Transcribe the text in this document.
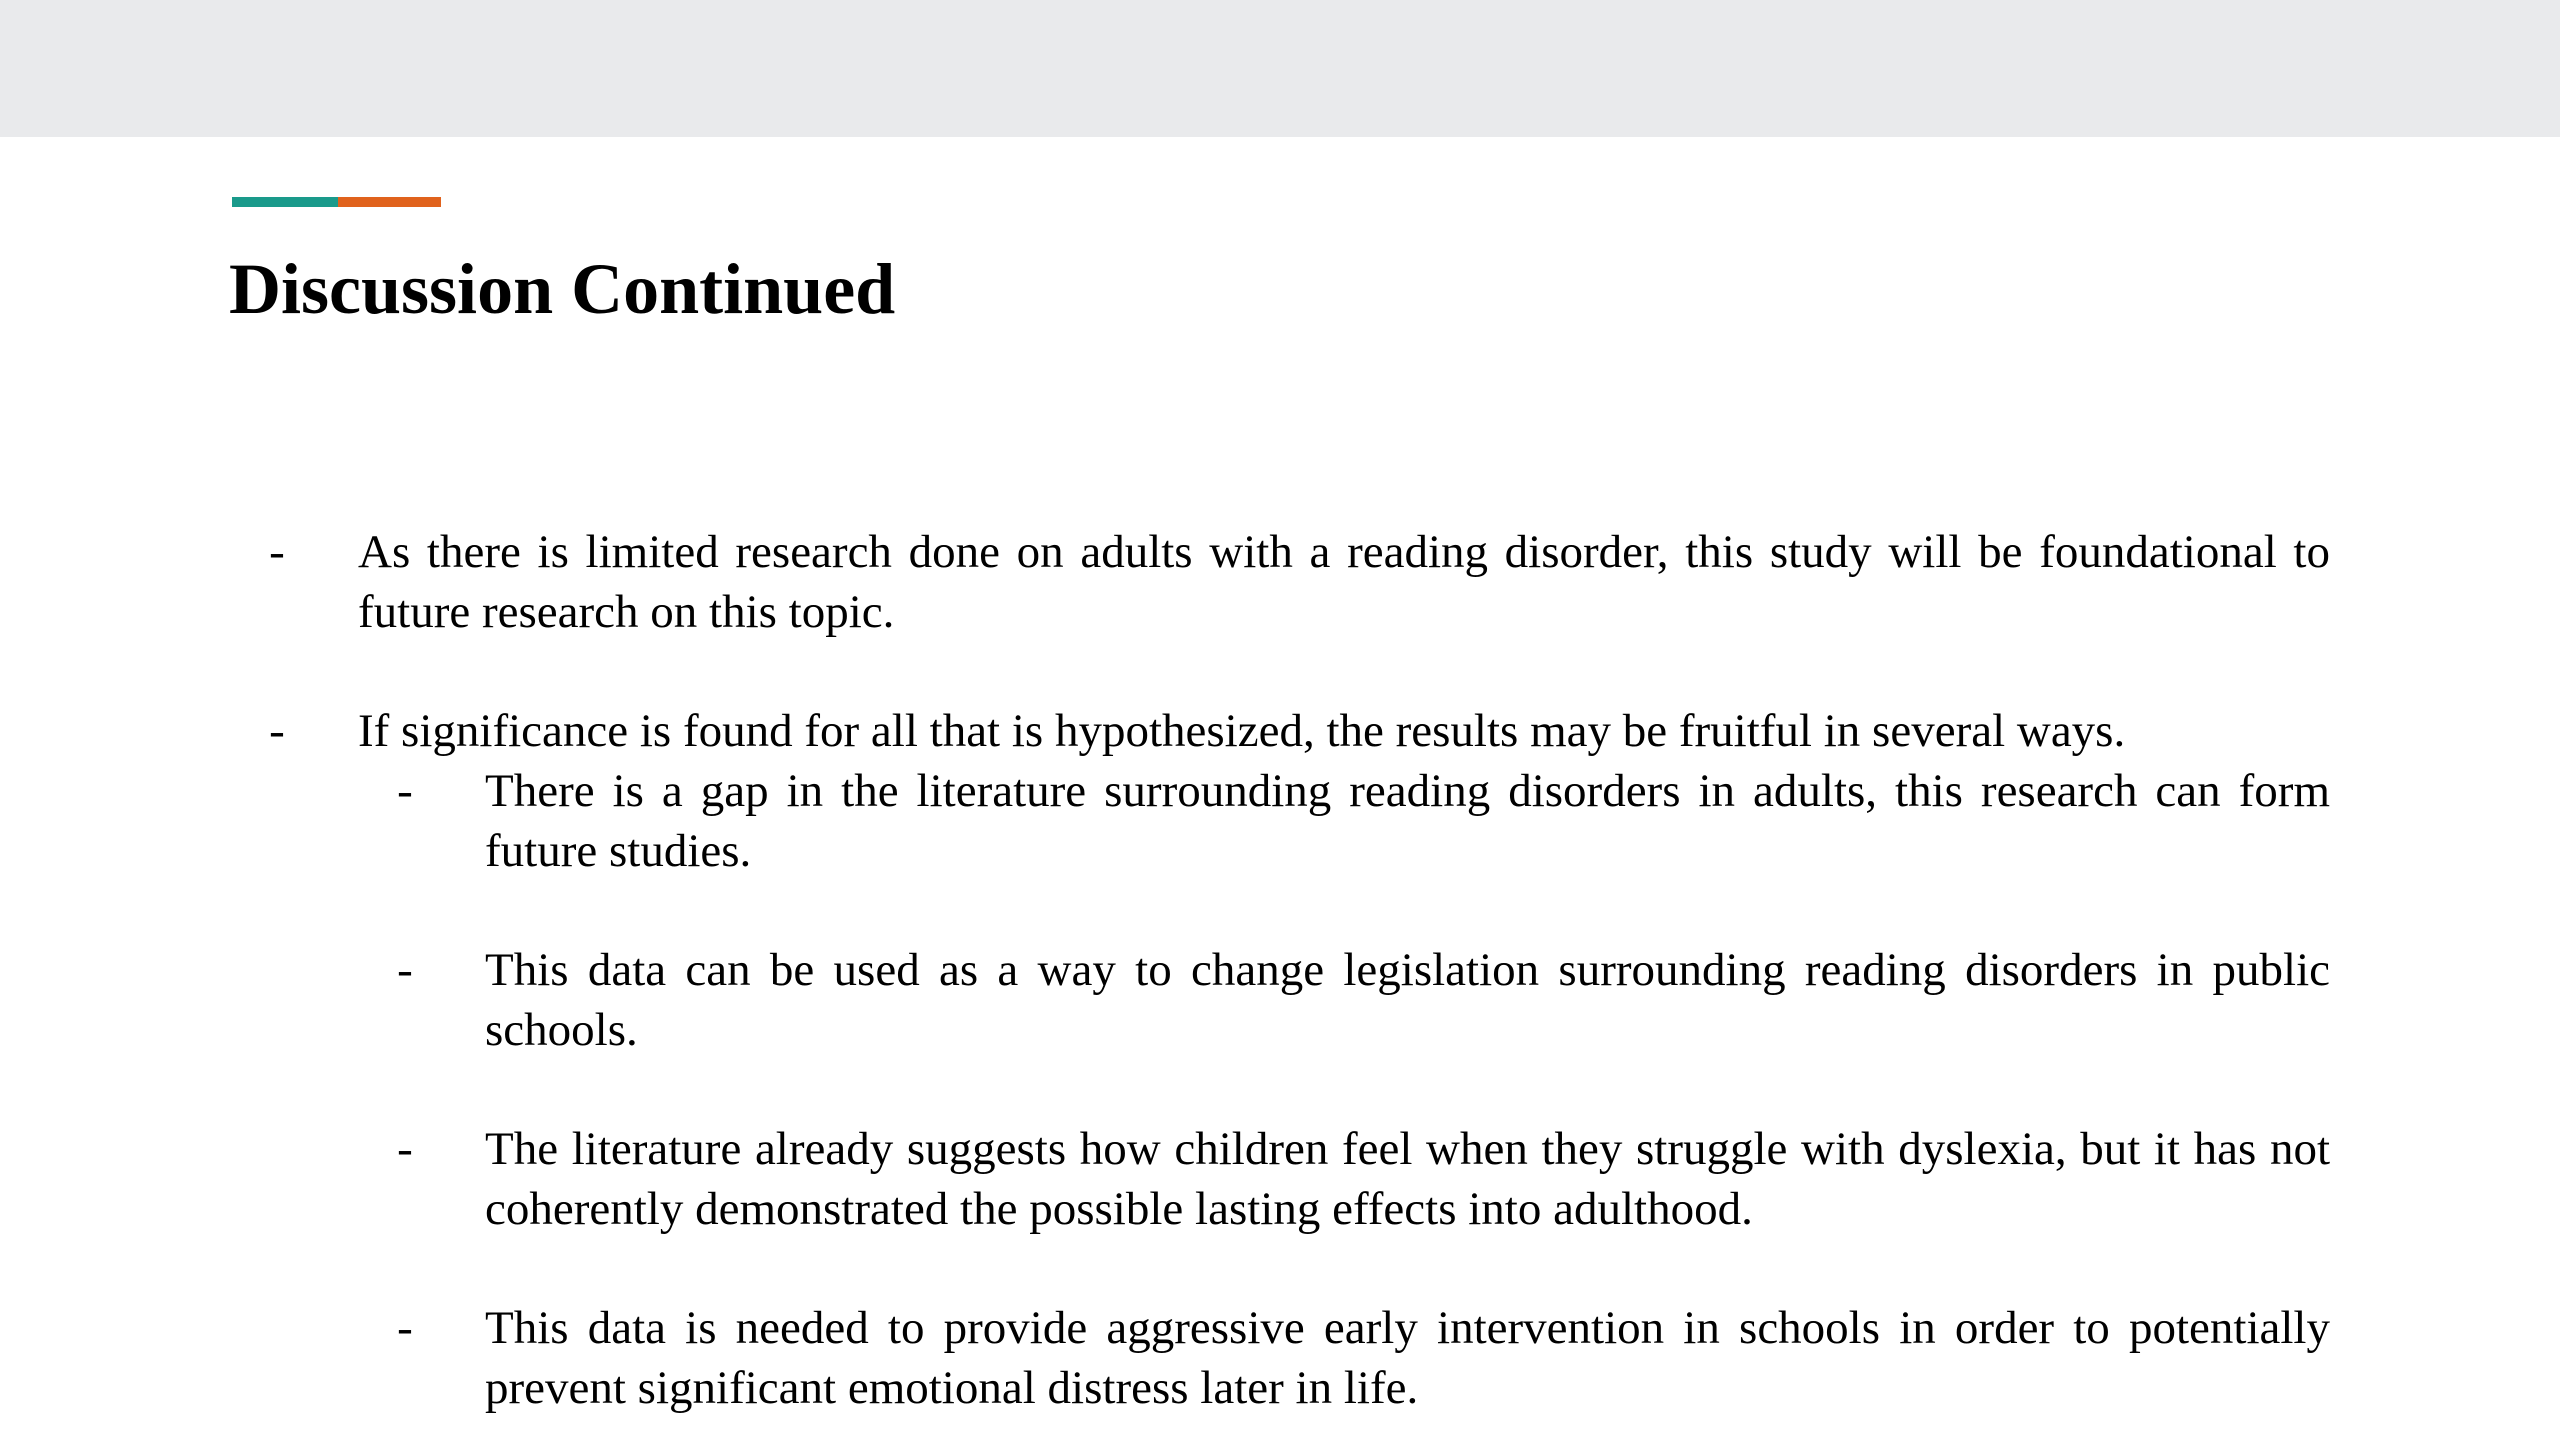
Discussion Continued
- As there is limited research done on adults with a reading disorder, this study will be foundational to future research on this topic.
- If significance is found for all that is hypothesized, the results may be fruitful in several ways.
- There is a gap in the literature surrounding reading disorders in adults, this research can form future studies.
- This data can be used as a way to change legislation surrounding reading disorders in public schools.
- The literature already suggests how children feel when they struggle with dyslexia, but it has not coherently demonstrated the possible lasting effects into adulthood.
- This data is needed to provide aggressive early intervention in schools in order to potentially prevent significant emotional distress later in life.
